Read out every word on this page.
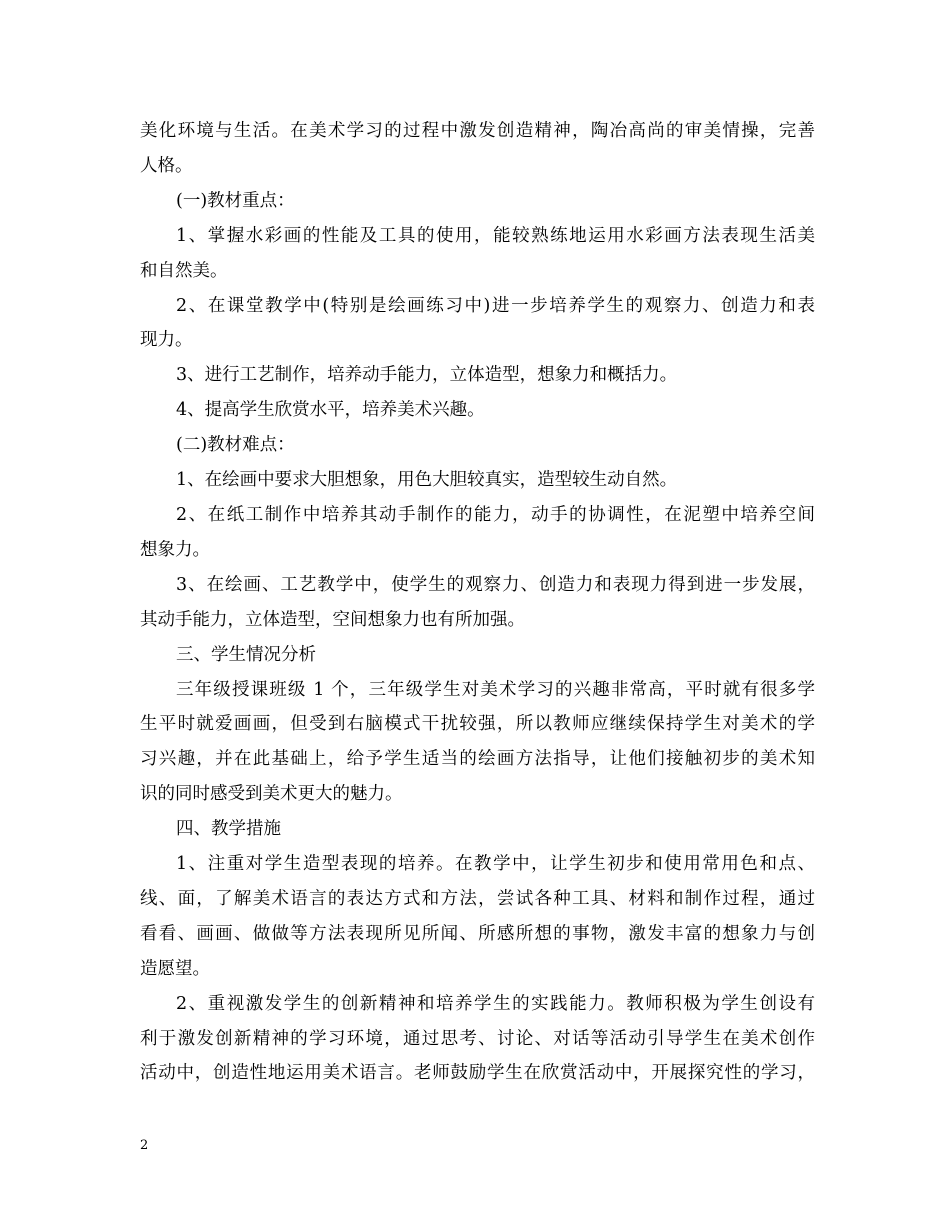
美化环境与生活。在美术学习的过程中激发创造精神，陶冶高尚的审美情操，完善
人格。
(一)教材重点：
1、掌握水彩画的性能及工具的使用，能较熟练地运用水彩画方法表现生活美
和自然美。
2、在课堂教学中(特别是绘画练习中)进一步培养学生的观察力、创造力和表
现力。
3、进行工艺制作，培养动手能力，立体造型，想象力和概括力。
4、提高学生欣赏水平，培养美术兴趣。
(二)教材难点：
1、在绘画中要求大胆想象，用色大胆较真实，造型较生动自然。
2、在纸工制作中培养其动手制作的能力，动手的协调性，在泥塑中培养空间
想象力。
3、在绘画、工艺教学中，使学生的观察力、创造力和表现力得到进一步发展，
其动手能力，立体造型，空间想象力也有所加强。
三、学生情况分析
三年级授课班级 1 个，三年级学生对美术学习的兴趣非常高，平时就有很多学
生平时就爱画画，但受到右脑模式干扰较强，所以教师应继续保持学生对美术的学
习兴趣，并在此基础上，给予学生适当的绘画方法指导，让他们接触初步的美术知
识的同时感受到美术更大的魅力。
四、教学措施
1、注重对学生造型表现的培养。在教学中，让学生初步和使用常用色和点、
线、面，了解美术语言的表达方式和方法，尝试各种工具、材料和制作过程，通过
看看、画画、做做等方法表现所见所闻、所感所想的事物，激发丰富的想象力与创
造愿望。
2、重视激发学生的创新精神和培养学生的实践能力。教师积极为学生创设有
利于激发创新精神的学习环境，通过思考、讨论、对话等活动引导学生在美术创作
活动中，创造性地运用美术语言。老师鼓励学生在欣赏活动中，开展探究性的学习，
2
